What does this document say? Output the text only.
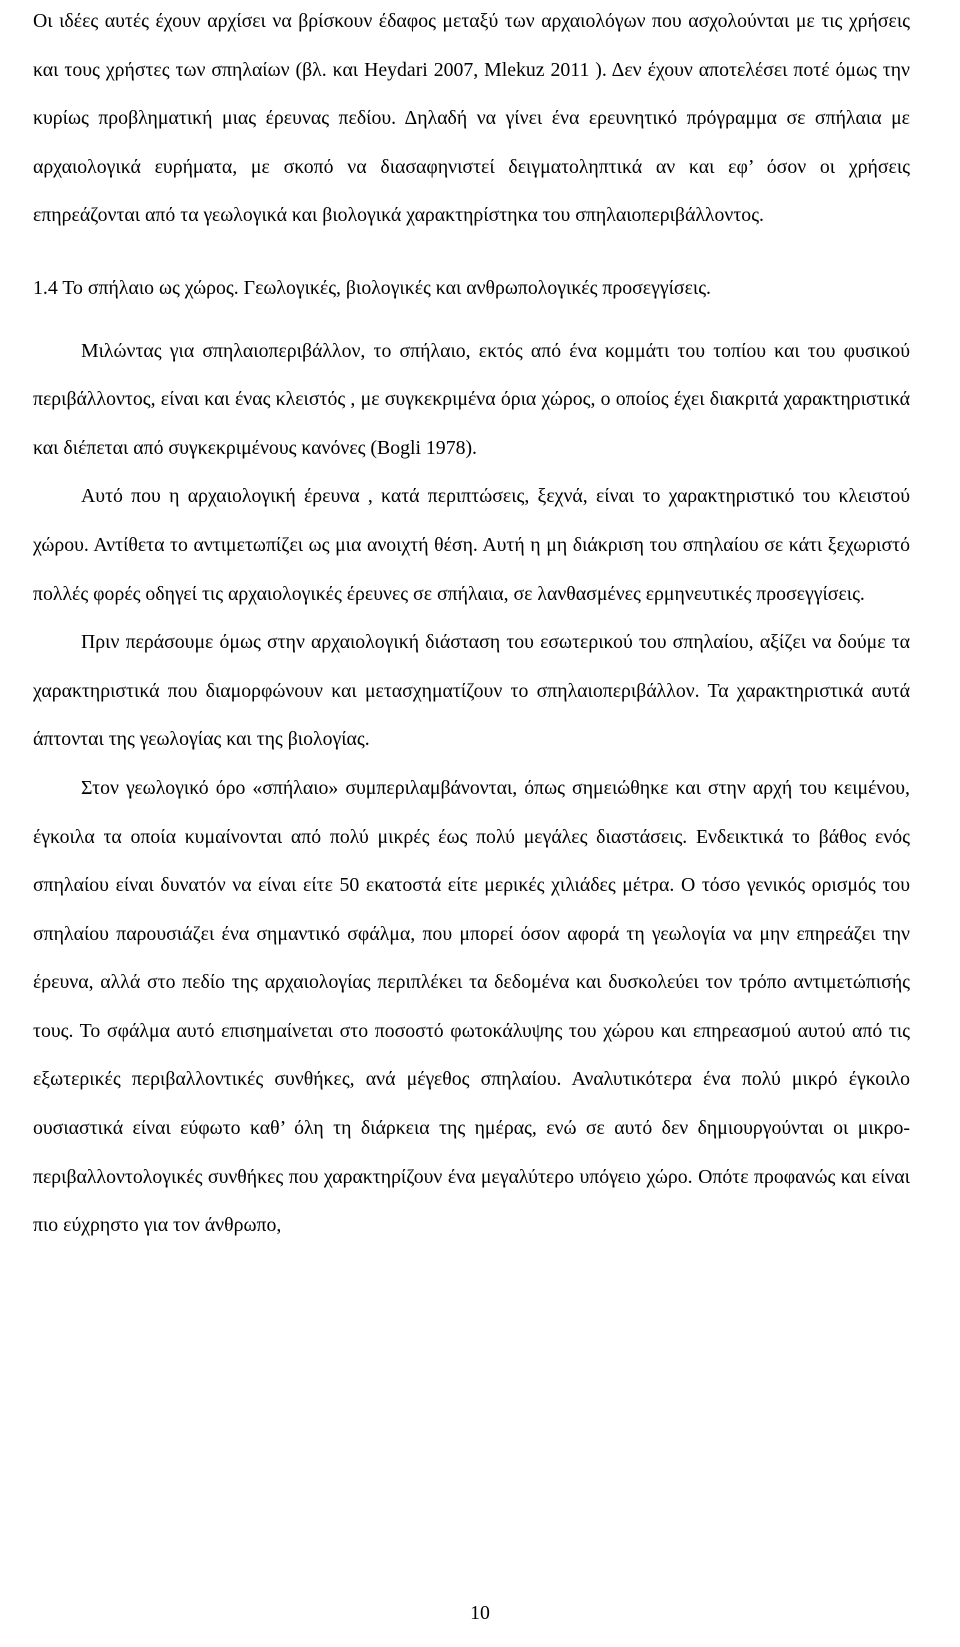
Οι ιδέες αυτές έχουν αρχίσει να βρίσκουν έδαφος μεταξύ των αρχαιολόγων που ασχολούνται με τις χρήσεις και τους χρήστες των σπηλαίων (βλ. και Heydari 2007, Mlekuz 2011 ). Δεν έχουν αποτελέσει ποτέ όμως την κυρίως προβληματική μιας έρευνας πεδίου. Δηλαδή να γίνει ένα ερευνητικό πρόγραμμα σε σπήλαια με αρχαιολογικά ευρήματα, με σκοπό να διασαφηνιστεί δειγματοληπτικά αν και εφ’ όσον οι χρήσεις επηρεάζονται από τα γεωλογικά και βιολογικά χαρακτηρίστηκα του σπηλαιοπεριβάλλοντος.

1.4 Το σπήλαιο ως χώρος. Γεωλογικές, βιολογικές και ανθρωπολογικές προσεγγίσεις.

Μιλώντας για σπηλαιοπεριβάλλον, το σπήλαιο, εκτός από ένα κομμάτι του τοπίου και του φυσικού περιβάλλοντος, είναι και ένας κλειστός , με συγκεκριμένα όρια χώρος, ο οποίος έχει διακριτά χαρακτηριστικά και διέπεται από συγκεκριμένους κανόνες (Bogli 1978).

Αυτό που η αρχαιολογική έρευνα , κατά περιπτώσεις, ξεχνά, είναι το χαρακτηριστικό του κλειστού χώρου. Αντίθετα το αντιμετωπίζει ως μια ανοιχτή θέση. Αυτή η μη διάκριση του σπηλαίου σε κάτι ξεχωριστό πολλές φορές οδηγεί τις αρχαιολογικές έρευνες σε σπήλαια, σε λανθασμένες ερμηνευτικές προσεγγίσεις.

Πριν περάσουμε όμως στην αρχαιολογική διάσταση του εσωτερικού του σπηλαίου, αξίζει να δούμε τα χαρακτηριστικά που διαμορφώνουν και μετασχηματίζουν το σπηλαιοπεριβάλλον. Τα χαρακτηριστικά αυτά άπτονται της γεωλογίας και της βιολογίας.

Στον γεωλογικό όρο «σπήλαιο» συμπεριλαμβάνονται, όπως σημειώθηκε και στην αρχή του κειμένου, έγκοιλα τα οποία κυμαίνονται από πολύ μικρές έως πολύ μεγάλες διαστάσεις. Ενδεικτικά το βάθος ενός σπηλαίου είναι δυνατόν να είναι είτε 50 εκατοστά είτε μερικές χιλιάδες μέτρα. Ο τόσο γενικός ορισμός του σπηλαίου παρουσιάζει ένα σημαντικό σφάλμα, που μπορεί όσον αφορά τη γεωλογία να μην επηρεάζει την έρευνα, αλλά στο πεδίο της αρχαιολογίας περιπλέκει τα δεδομένα και δυσκολεύει τον τρόπο αντιμετώπισής τους. Το σφάλμα αυτό επισημαίνεται στο ποσοστό φωτοκάλυψης του χώρου και επηρεασμού αυτού από τις εξωτερικές περιβαλλοντικές συνθήκες, ανά μέγεθος σπηλαίου. Αναλυτικότερα ένα πολύ μικρό έγκοιλο ουσιαστικά είναι εύφωτο καθ’ όλη τη διάρκεια της ημέρας, ενώ σε αυτό δεν δημιουργούνται οι μικρο-περιβαλλοντολογικές συνθήκες που χαρακτηρίζουν ένα μεγαλύτερο υπόγειο χώρο. Οπότε προφανώς και είναι πιο εύχρηστο για τον άνθρωπο,

10
